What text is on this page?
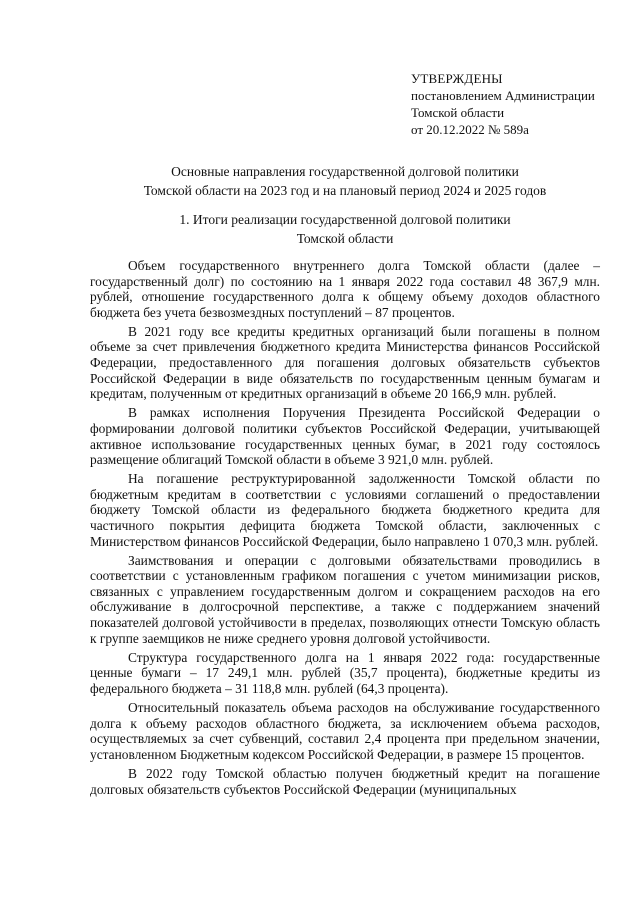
УТВЕРЖДЕНЫ
постановлением Администрации
Томской области
от 20.12.2022 № 589а
Основные направления государственной долговой политики
Томской области на 2023 год и на плановый период 2024 и 2025 годов
1. Итоги реализации государственной долговой политики
Томской области

Объем государственного внутреннего долга Томской области (далее – государственный долг) по состоянию на 1 января 2022 года составил 48 367,9 млн. рублей, отношение государственного долга к общему объему доходов областного бюджета без учета безвозмездных поступлений – 87 процентов.

В 2021 году все кредиты кредитных организаций были погашены в полном объеме за счет привлечения бюджетного кредита Министерства финансов Российской Федерации, предоставленного для погашения долговых обязательств субъектов Российской Федерации в виде обязательств по государственным ценным бумагам и кредитам, полученным от кредитных организаций в объеме 20 166,9 млн. рублей.

В рамках исполнения Поручения Президента Российской Федерации о формировании долговой политики субъектов Российской Федерации, учитывающей активное использование государственных ценных бумаг, в 2021 году состоялось размещение облигаций Томской области в объеме 3 921,0 млн. рублей.

На погашение реструктурированной задолженности Томской области по бюджетным кредитам в соответствии с условиями соглашений о предоставлении бюджету Томской области из федерального бюджета бюджетного кредита для частичного покрытия дефицита бюджета Томской области, заключенных с Министерством финансов Российской Федерации, было направлено 1 070,3 млн. рублей.

Заимствования и операции с долговыми обязательствами проводились в соответствии с установленным графиком погашения с учетом минимизации рисков, связанных с управлением государственным долгом и сокращением расходов на его обслуживание в долгосрочной перспективе, а также с поддержанием значений показателей долговой устойчивости в пределах, позволяющих отнести Томскую область к группе заемщиков не ниже среднего уровня долговой устойчивости.

Структура государственного долга на 1 января 2022 года: государственные ценные бумаги – 17 249,1 млн. рублей (35,7 процента), бюджетные кредиты из федерального бюджета – 31 118,8 млн. рублей (64,3 процента).

Относительный показатель объема расходов на обслуживание государственного долга к объему расходов областного бюджета, за исключением объема расходов, осуществляемых за счет субвенций, составил 2,4 процента при предельном значении, установленном Бюджетным кодексом Российской Федерации, в размере 15 процентов.

В 2022 году Томской областью получен бюджетный кредит на погашение долговых обязательств субъектов Российской Федерации (муниципальных
